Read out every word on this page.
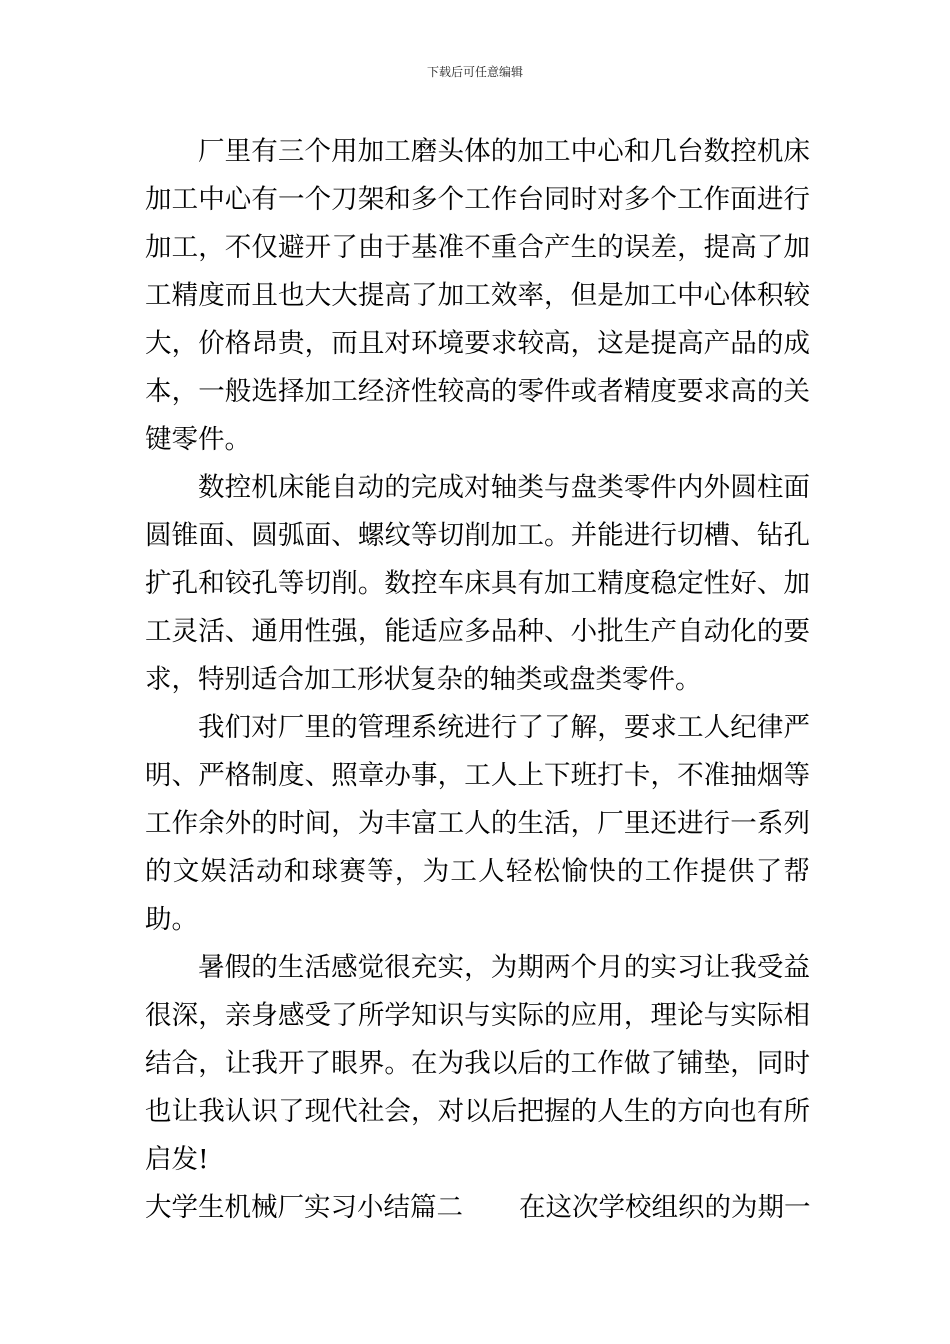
下载后可任意编辑

厂里有三个用加工磨头体的加工中心和几台数控机床加工中心有一个刀架和多个工作台同时对多个工作面进行加工，不仅避开了由于基准不重合产生的误差，提高了加工精度而且也大大提高了加工效率，但是加工中心体积较大，价格昂贵，而且对环境要求较高，这是提高产品的成本，一般选择加工经济性较高的零件或者精度要求高的关键零件。

数控机床能自动的完成对轴类与盘类零件内外圆柱面圆锥面、圆弧面、螺纹等切削加工。并能进行切槽、钻孔扩孔和铰孔等切削。数控车床具有加工精度稳定性好、加工灵活、通用性强，能适应多品种、小批生产自动化的要求，特别适合加工形状复杂的轴类或盘类零件。

我们对厂里的管理系统进行了了解，要求工人纪律严明、严格制度、照章办事，工人上下班打卡，不准抽烟等工作余外的时间，为丰富工人的生活，厂里还进行一系列的文娱活动和球赛等，为工人轻松愉快的工作提供了帮助。

暑假的生活感觉很充实，为期两个月的实习让我受益很深，亲身感受了所学知识与实际的应用，理论与实际相结合，让我开了眼界。在为我以后的工作做了铺垫，同时也让我认识了现代社会，对以后把握的人生的方向也有所启发!

大学生机械厂实习小结篇二 在这次学校组织的为期一
